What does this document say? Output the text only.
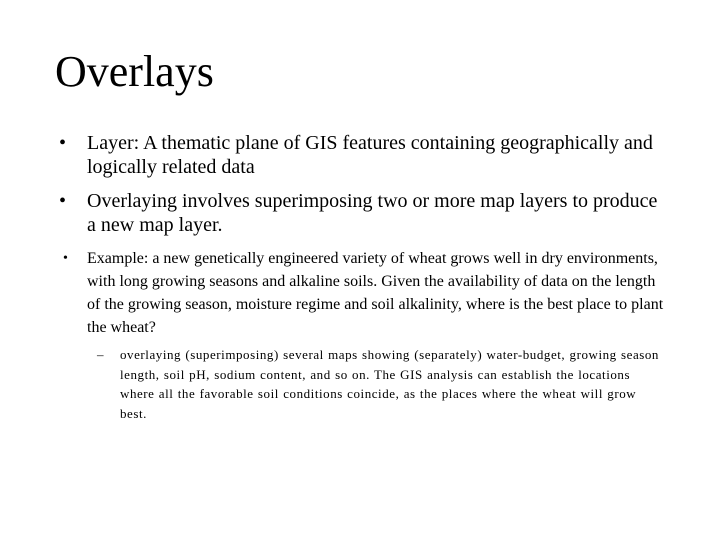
Overlays
• Layer: A thematic plane of GIS features containing geographically and logically related data
• Overlaying involves superimposing two or more map layers to produce a new map layer.
• Example: a new genetically engineered variety of wheat grows well in dry environments, with long growing seasons and alkaline soils. Given the availability of data on the length of the growing season, moisture regime and soil alkalinity, where is the best place to plant the wheat?
– overlaying (superimposing) several maps showing (separately) water-budget, growing season length, soil pH, sodium content, and so on. The GIS analysis can establish the locations where all the favorable soil conditions coincide, as the places where the wheat will grow best.
